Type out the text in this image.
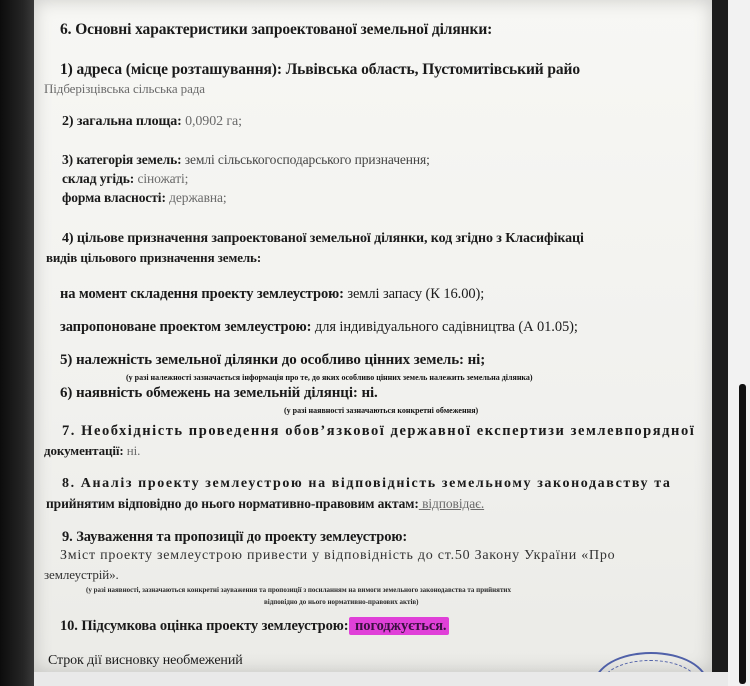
6. Основні характеристики запроектованої земельної ділянки:
1) адреса (місце розташування): Львівська область, Пустомитівський райо
Підберізцівська сільська рада
2) загальна площа: 0,0902 га;
3) категорія земель: землі сільськогосподарського призначення;
склад угідь: сіножаті;
форма власності: державна;
4) цільове призначення запроектованої земельної ділянки, код згідно з Класифікаці
видів цільового призначення земель:
на момент складення проекту землеустрою: землі запасу (К 16.00);
запропоноване проектом землеустрою: для індивідуального садівництва (А 01.05);
5) належність земельної ділянки до особливо цінних земель: ні;
(у разі належності зазначається інформація про те, до яких особливо цінних земель належить земельна ділянка)
6) наявність обмежень на земельній ділянці: ні.
(у разі наявності зазначаються конкретні обмеження)
7. Необхідність проведення обов’язкової державної експертизи землевпорядної
документації: ні.
8. Аналіз проекту землеустрою на відповідність земельному законодавству та
прийнятим відповідно до нього нормативно-правовим актам: відповідає.
9. Зауваження та пропозиції до проекту землеустрою:
Зміст проекту землеустрою привести у відповідність до ст.50 Закону України «Про
землеустрій».
(у разі наявності, зазначаються конкретні зауваження та пропозиції з посиланням на вимоги земельного законодавства та прийнятих
відповідно до нього нормативно-правових актів)
10. Підсумкова оцінка проекту землеустрою: погоджується.
Строк дії висновку необмежений
